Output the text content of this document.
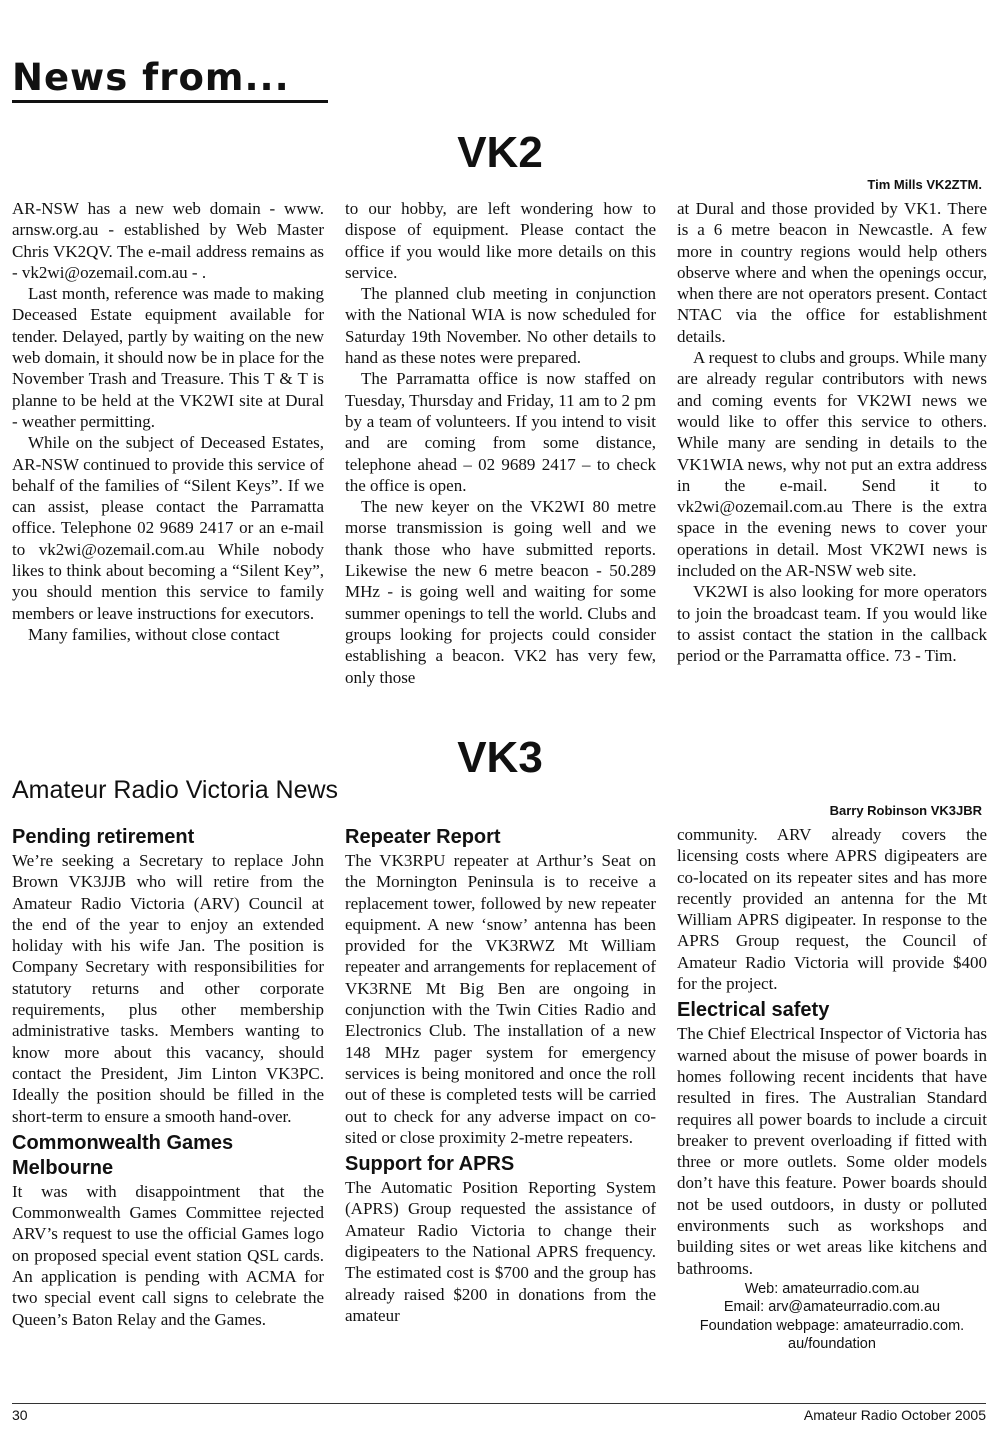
News from...
VK2
Tim Mills VK2ZTM.

AR-NSW has a new web domain - www. arnsw.org.au - established by Web Master Chris VK2QV. The e-mail address remains as - vk2wi@ozemail.com.au - .

Last month, reference was made to making Deceased Estate equipment available for tender. Delayed, partly by waiting on the new web domain, it should now be in place for the November Trash and Treasure. This T & T is planne to be held at the VK2WI site at Dural - weather permitting.

While on the subject of Deceased Estates, AR-NSW continued to provide this service of behalf of the families of “Silent Keys”. If we can assist, please contact the Parramatta office. Telephone 02 9689 2417 or an e-mail to vk2wi@ozemail.com.au While nobody likes to think about becoming a “Silent Key”, you should mention this service to family members or leave instructions for executors.

Many families, without close contact

to our hobby, are left wondering how to dispose of equipment. Please contact the office if you would like more details on this service.

The planned club meeting in conjunction with the National WIA is now scheduled for Saturday 19th November. No other details to hand as these notes were prepared.

The Parramatta office is now staffed on Tuesday, Thursday and Friday, 11 am to 2 pm by a team of volunteers. If you intend to visit and are coming from some distance, telephone ahead – 02 9689 2417 – to check the office is open.

The new keyer on the VK2WI 80 metre morse transmission is going well and we thank those who have submitted reports. Likewise the new 6 metre beacon - 50.289 MHz - is going well and waiting for some summer openings to tell the world. Clubs and groups looking for projects could consider establishing a beacon. VK2 has very few, only those

at Dural and those provided by VK1. There is a 6 metre beacon in Newcastle. A few more in country regions would help others observe where and when the openings occur, when there are not operators present. Contact NTAC via the office for establishment details.

A request to clubs and groups. While many are already regular contributors with news and coming events for VK2WI news we would like to offer this service to others. While many are sending in details to the VK1WIA news, why not put an extra address in the e-mail. Send it to vk2wi@ozemail.com.au There is the extra space in the evening news to cover your operations in detail. Most VK2WI news is included on the AR-NSW web site.

VK2WI is also looking for more operators to join the broadcast team. If you would like to assist contact the station in the callback period or the Parramatta office. 73 - Tim.

VK3
Amateur Radio Victoria News
Barry Robinson VK3JBR
Pending retirement

We’re seeking a Secretary to replace John Brown VK3JJB who will retire from the Amateur Radio Victoria (ARV) Council at the end of the year to enjoy an extended holiday with his wife Jan. The position is Company Secretary with responsibilities for statutory returns and other corporate requirements, plus other membership administrative tasks. Members wanting to know more about this vacancy, should contact the President, Jim Linton VK3PC. Ideally the position should be filled in the short-term to ensure a smooth hand-over.

Commonwealth Games Melbourne

It was with disappointment that the Commonwealth Games Committee rejected ARV’s request to use the official Games logo on proposed special event station QSL cards. An application is pending with ACMA for two special event call signs to celebrate the Queen’s Baton Relay and the Games.

Repeater Report

The VK3RPU repeater at Arthur’s Seat on the Mornington Peninsula is to receive a replacement tower, followed by new repeater equipment. A new ‘snow’ antenna has been provided for the VK3RWZ Mt William repeater and arrangements for replacement of VK3RNE Mt Big Ben are ongoing in conjunction with the Twin Cities Radio and Electronics Club. The installation of a new 148 MHz pager system for emergency services is being monitored and once the roll out of these is completed tests will be carried out to check for any adverse impact on co-sited or close proximity 2-metre repeaters.

Support for APRS

The Automatic Position Reporting System (APRS) Group requested the assistance of Amateur Radio Victoria to change their digipeaters to the National APRS frequency. The estimated cost is $700 and the group has already raised $200 in donations from the amateur

community. ARV already covers the licensing costs where APRS digipeaters are co-located on its repeater sites and has more recently provided an antenna for the Mt William APRS digipeater. In response to the APRS Group request, the Council of Amateur Radio Victoria will provide $400 for the project.

Electrical safety

The Chief Electrical Inspector of Victoria has warned about the misuse of power boards in homes following recent incidents that have resulted in fires. The Australian Standard requires all power boards to include a circuit breaker to prevent overloading if fitted with three or more outlets. Some older models don’t have this feature. Power boards should not be used outdoors, in dusty or polluted environments such as workshops and building sites or wet areas like kitchens and bathrooms.

Web: amateurradio.com.au
Email: arv@amateurradio.com.au
Foundation webpage: amateurradio.com.
au/foundation
30	Amateur Radio October 2005
